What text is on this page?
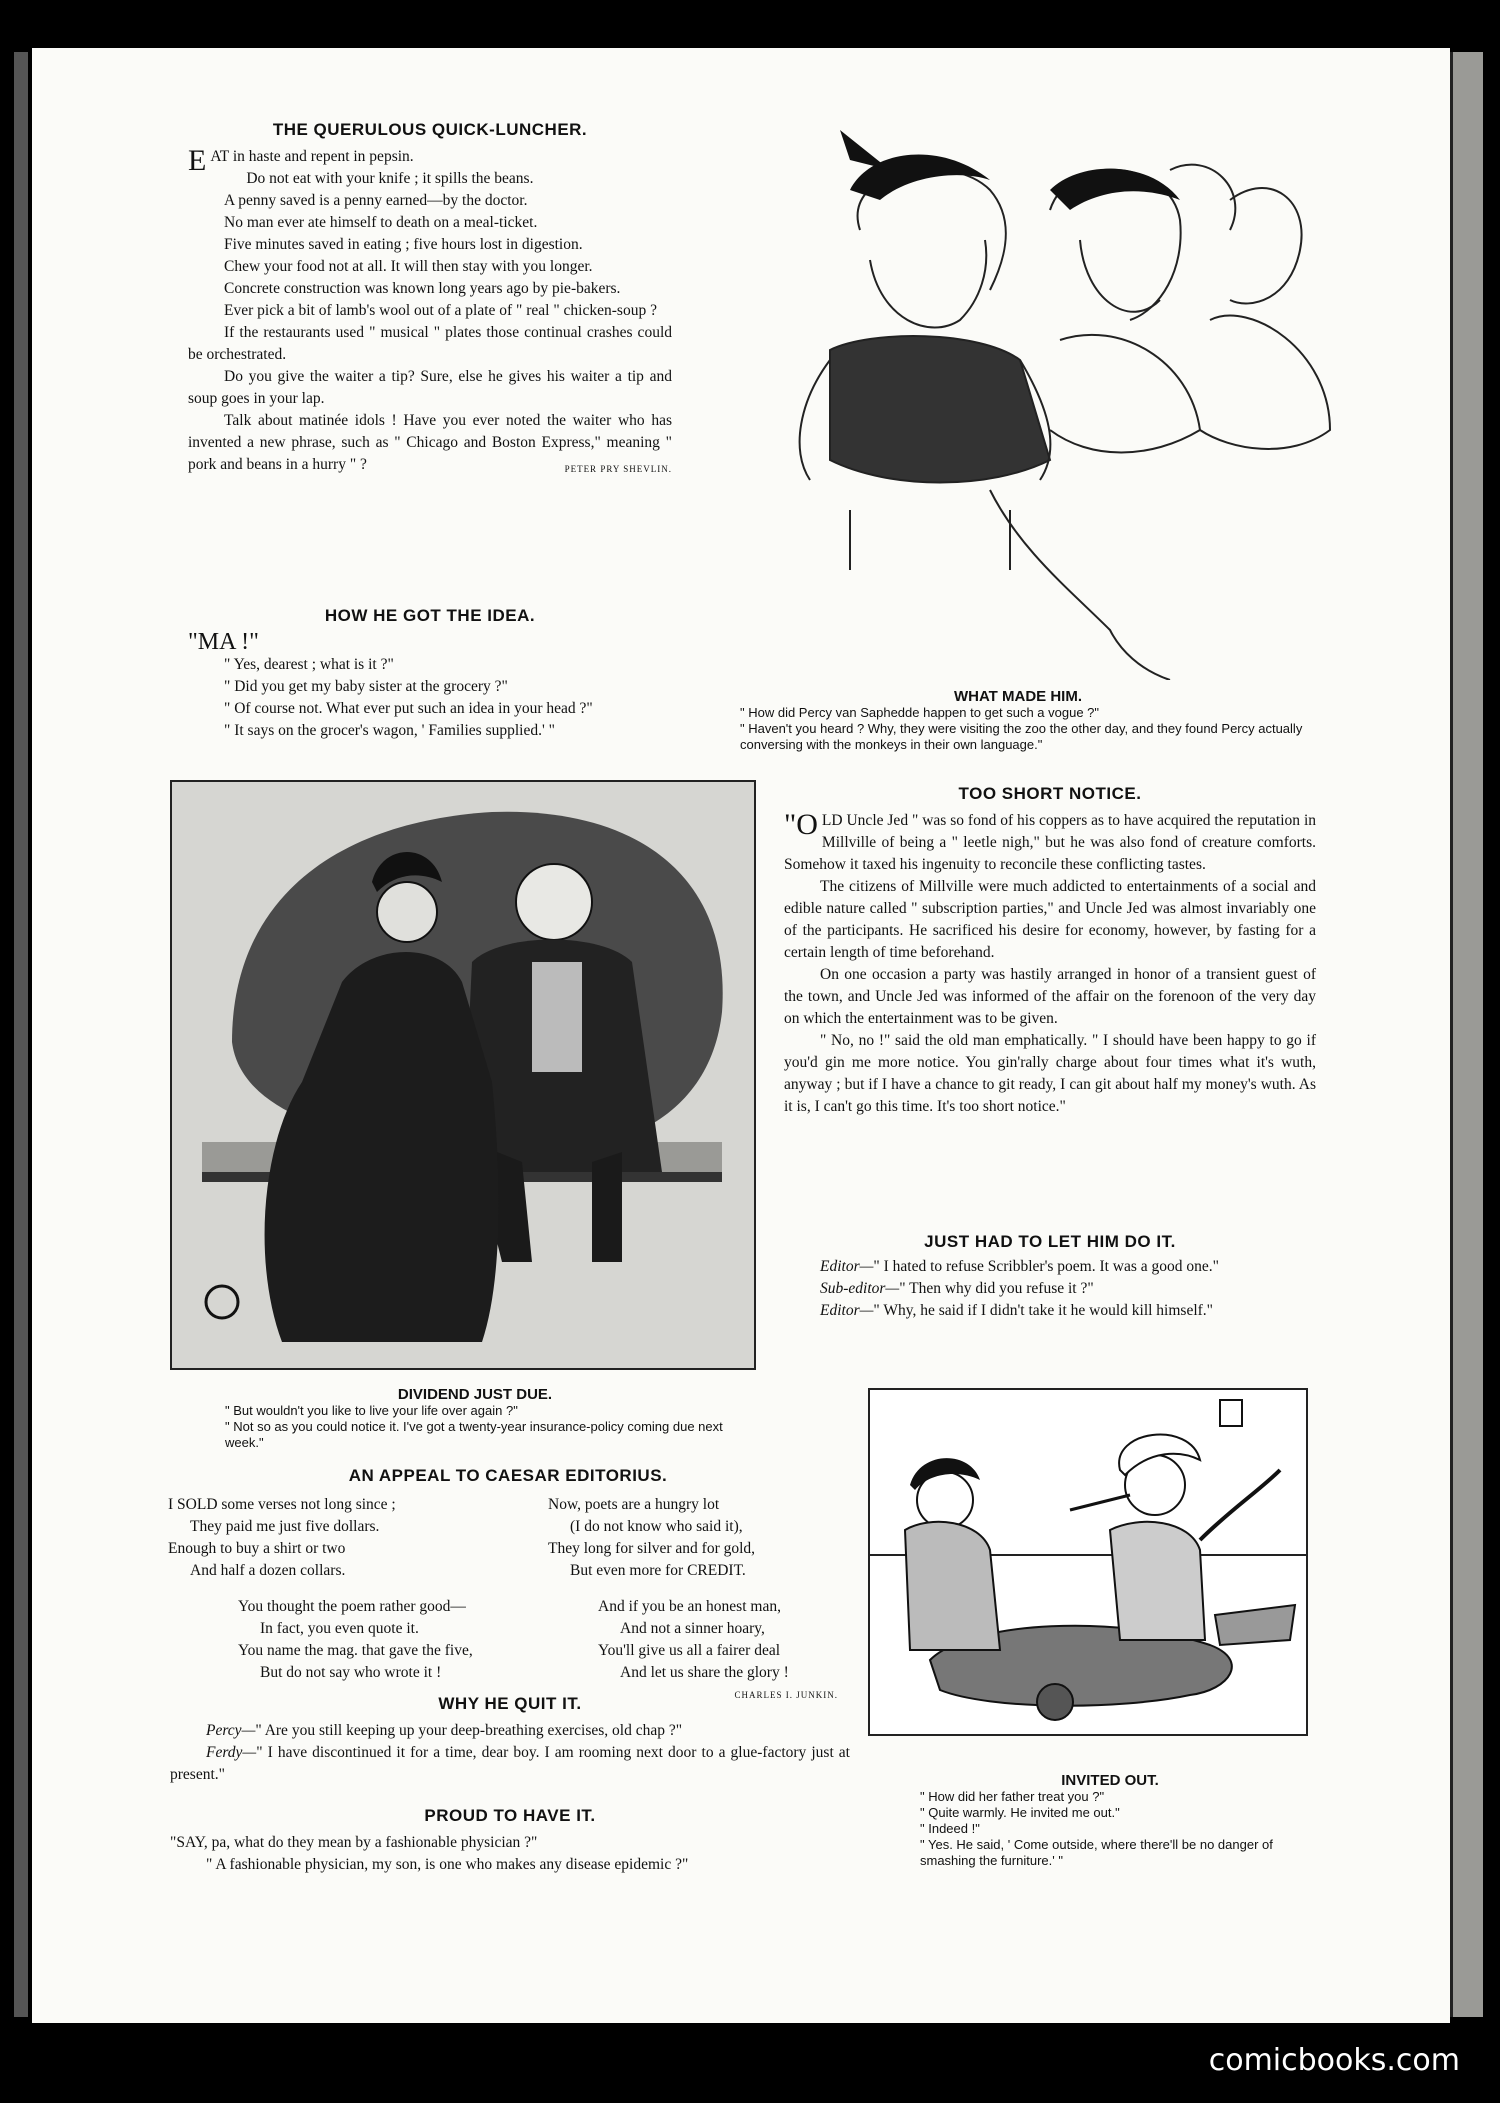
THE QUERULOUS QUICK-LUNCHER.

EAT in haste and repent in pepsin.

Do not eat with your knife ; it spills the beans.

A penny saved is a penny earned—by the doctor.

No man ever ate himself to death on a meal-ticket.

Five minutes saved in eating ; five hours lost in digestion.

Chew your food not at all. It will then stay with you longer.

Concrete construction was known long years ago by pie-bakers.

Ever pick a bit of lamb's wool out of a plate of " real " chicken-soup ?

If the restaurants used " musical " plates those continual crashes could be orchestrated.

Do you give the waiter a tip? Sure, else he gives his waiter a tip and soup goes in your lap.

Talk about matinée idols ! Have you ever noted the waiter who has invented a new phrase, such as " Chicago and Boston Express," meaning " pork and beans in a hurry " ?	PETER PRY SHEVLIN.

HOW HE GOT THE IDEA.

"MA !"

" Yes, dearest ; what is it ?"

" Did you get my baby sister at the grocery ?"

" Of course not. What ever put such an idea in your head ?"

" It says on the grocer's wagon, ' Families supplied.' "

WHAT MADE HIM.
" How did Percy van Saphedde happen to get such a vogue ?"
" Haven't you heard ? Why, they were visiting the zoo the other day, and they found Percy actually conversing with the monkeys in their own language."
DIVIDEND JUST DUE.
" But wouldn't you like to live your life over again ?"
" Not so as you could notice it. I've got a twenty-year insurance-policy coming due next week."
TOO SHORT NOTICE.

"OLD Uncle Jed " was so fond of his coppers as to have acquired the reputation in Millville of being a " leetle nigh," but he was also fond of creature comforts. Somehow it taxed his ingenuity to reconcile these conflicting tastes.

The citizens of Millville were much addicted to entertainments of a social and edible nature called " subscription parties," and Uncle Jed was almost invariably one of the participants. He sacrificed his desire for economy, however, by fasting for a certain length of time beforehand.

On one occasion a party was hastily arranged in honor of a transient guest of the town, and Uncle Jed was informed of the affair on the forenoon of the very day on which the entertainment was to be given.

" No, no !" said the old man emphatically. " I should have been happy to go if you'd gin me more notice. You gin'rally charge about four times what it's wuth, anyway ; but if I have a chance to git ready, I can git about half my money's wuth. As it is, I can't go this time. It's too short notice."

JUST HAD TO LET HIM DO IT.

Editor—" I hated to refuse Scribbler's poem. It was a good one."

Sub-editor—" Then why did you refuse it ?"

Editor—" Why, he said if I didn't take it he would kill himself."

AN APPEAL TO CAESAR EDITORIUS.

I SOLD some verses not long since ;

They paid me just five dollars.

Enough to buy a shirt or two

And half a dozen collars.

Now, poets are a hungry lot

(I do not know who said it),

They long for silver and for gold,

But even more for CREDIT.

You thought the poem rather good—

In fact, you even quote it.

You name the mag. that gave the five,

But do not say who wrote it !

And if you be an honest man,

And not a sinner hoary,

You'll give us all a fairer deal

And let us share the glory !

CHARLES I. JUNKIN.

WHY HE QUIT IT.

Percy—" Are you still keeping up your deep-breathing exercises, old chap ?"

Ferdy—" I have discontinued it for a time, dear boy. I am rooming next door to a glue-factory just at present."

PROUD TO HAVE IT.

"SAY, pa, what do they mean by a fashionable physician ?"

" A fashionable physician, my son, is one who makes any disease epidemic ?"

INVITED OUT.
" How did her father treat you ?"
" Quite warmly. He invited me out."
" Indeed !"
" Yes. He said, ' Come outside, where there'll be no danger of smashing the furniture.' "
comicbooks.com
